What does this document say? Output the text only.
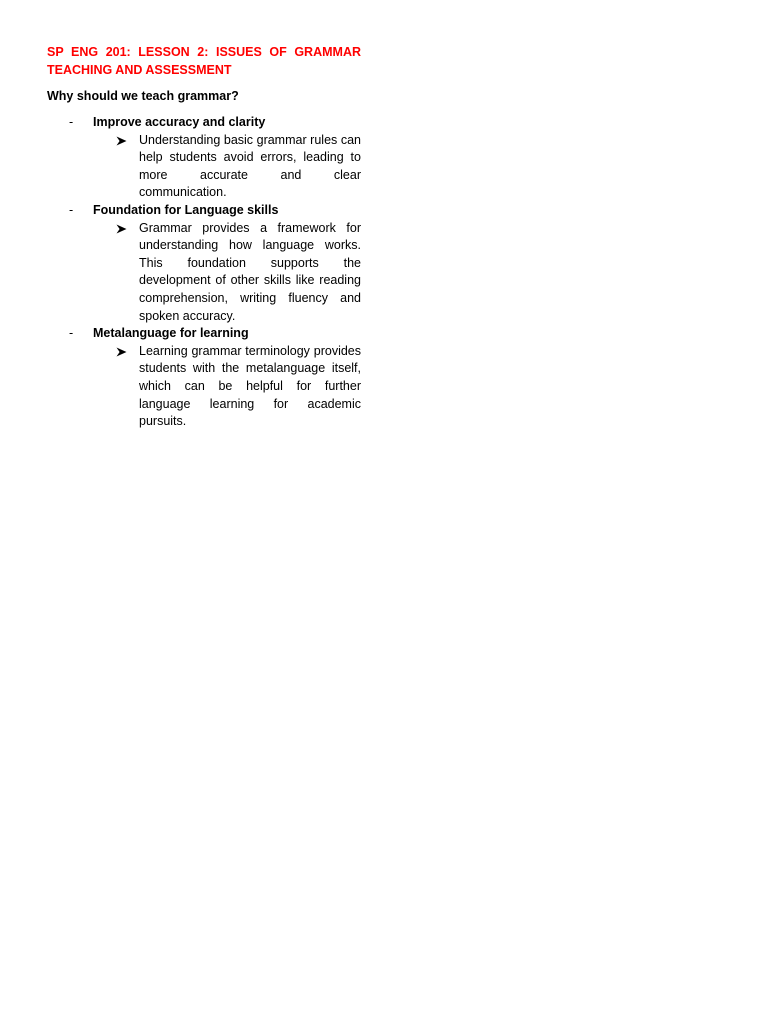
SP ENG 201: LESSON 2: ISSUES OF GRAMMAR TEACHING AND ASSESSMENT

Why should we teach grammar?

- Improve accuracy and clarity
Understanding basic grammar rules can help students avoid errors, leading to more accurate and clear communication.
- Foundation for Language skills
Grammar provides a framework for understanding how language works. This foundation supports the development of other skills like reading comprehension, writing fluency and spoken accuracy.
- Metalanguage for learning
Learning grammar terminology provides students with the metalanguage itself, which can be helpful for further language learning for academic pursuits.
